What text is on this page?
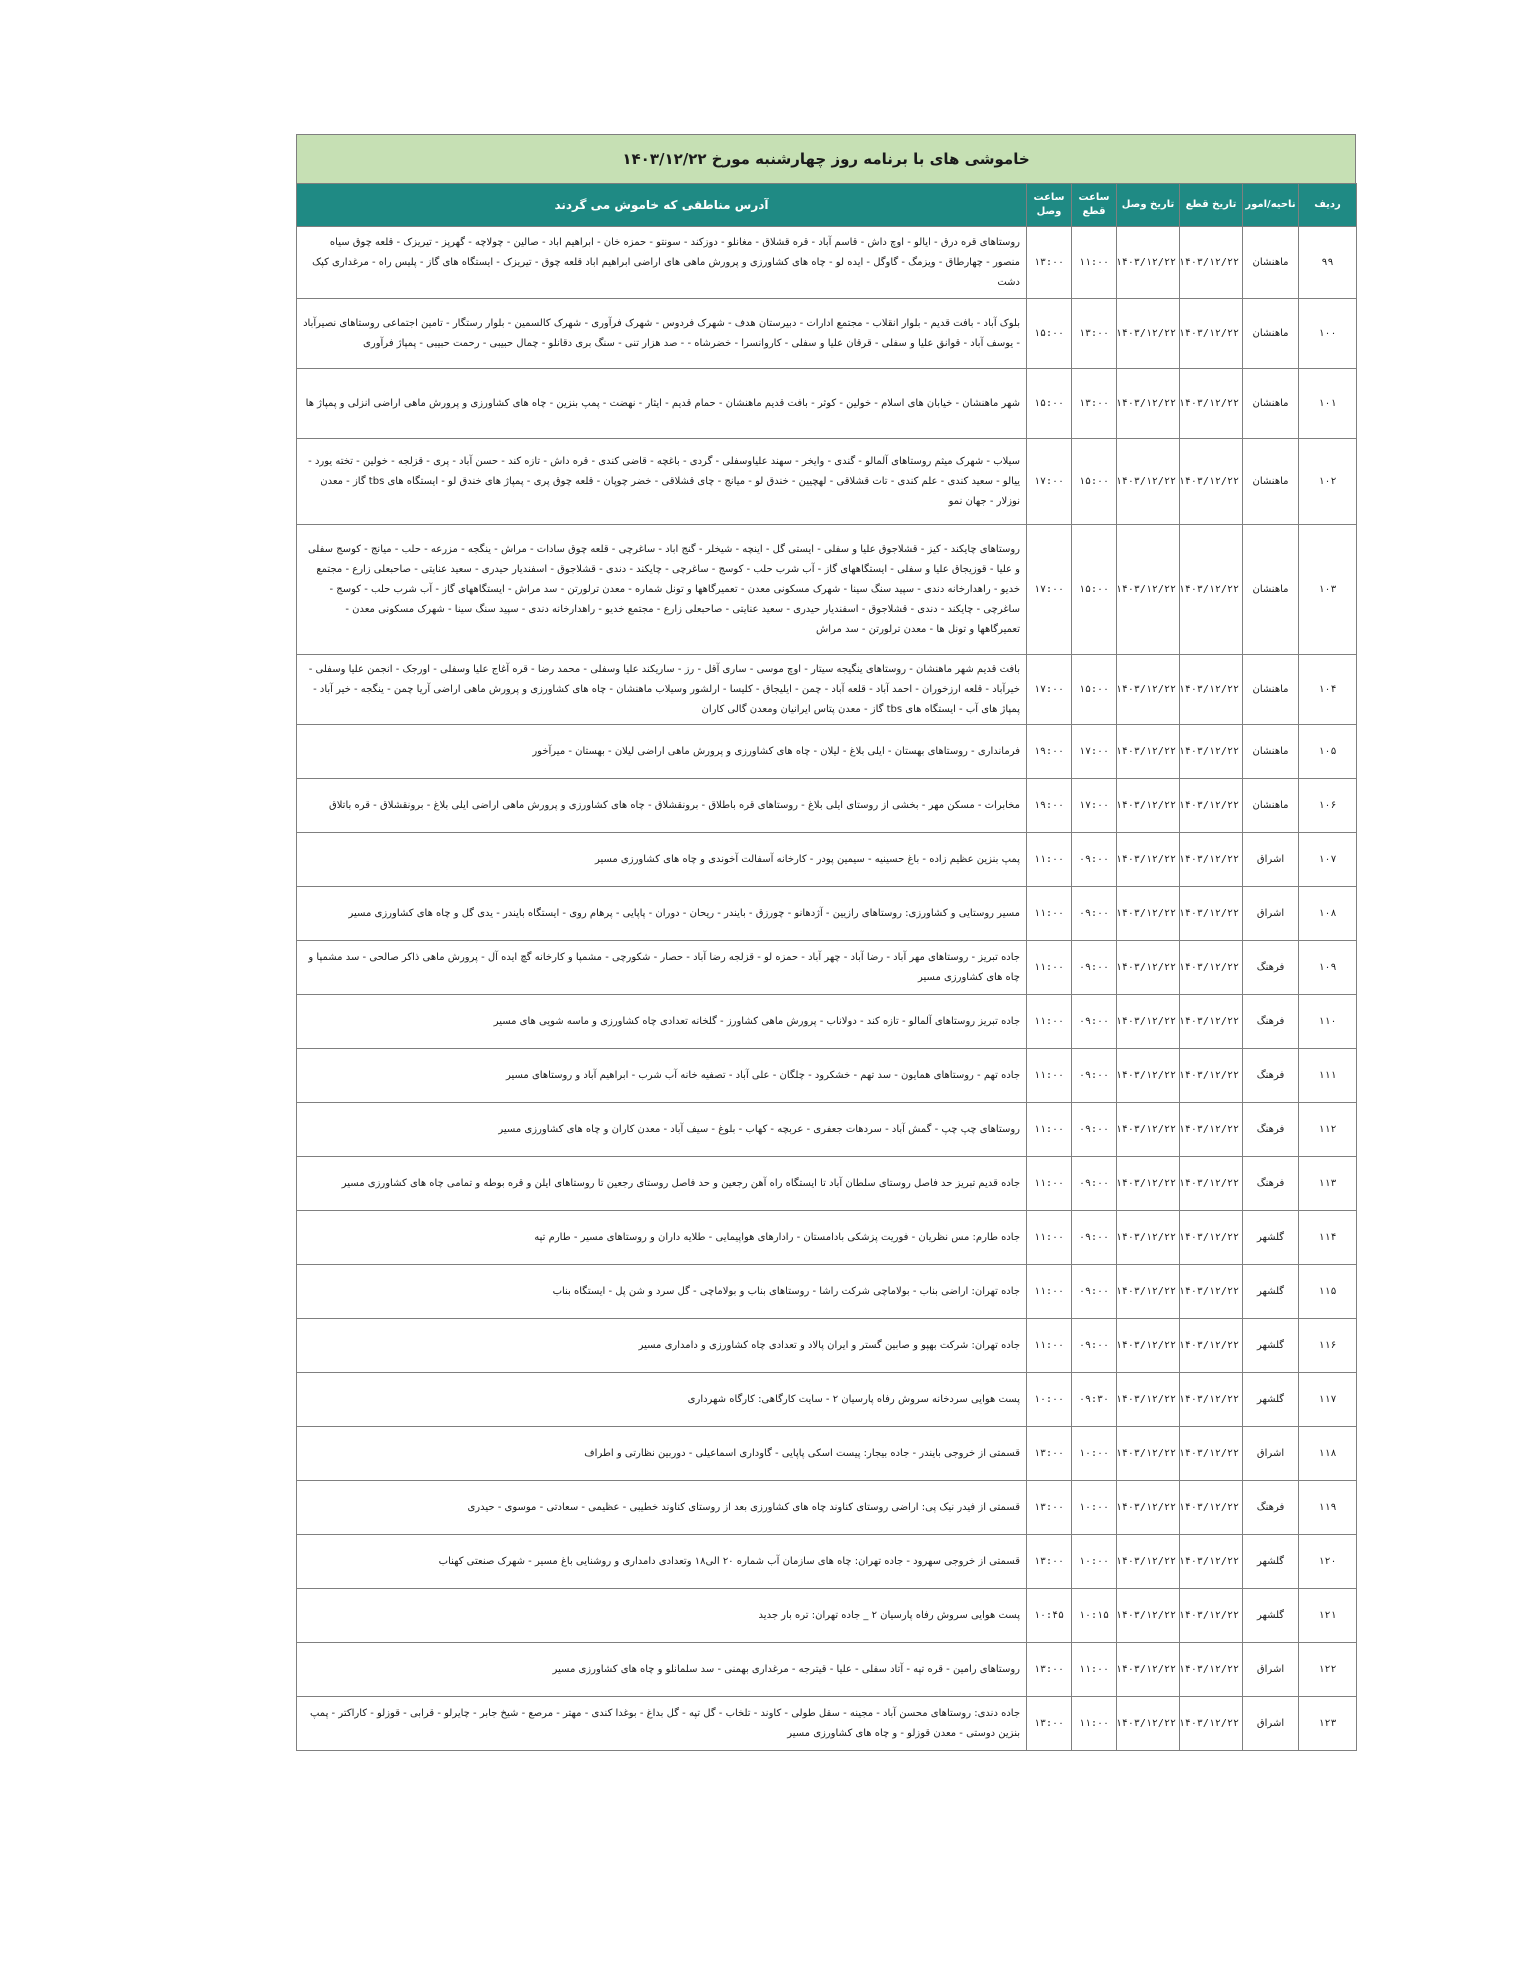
خاموشی های با برنامه روز چهارشنبه مورخ ۱۴۰۳/۱۲/۲۲
ردیف	ناحیه/امور	تاریخ قطع	تاریخ وصل	ساعت قطع	ساعت وصل	آدرس مناطقی که خاموش می گردند
۹۹	ماهنشان	۱۴۰۳/۱۲/۲۲	۱۴۰۳/۱۲/۲۲	۱۱:۰۰	۱۳:۰۰	روستاهای قره درق - ایالو - اوچ داش - قاسم آباد - قره قشلاق - مغانلو - دوزکند - سونتو - حمزه خان - ابراهیم اباد - صالین - چولاچه - گهرپز - تیریزک - قلعه چوق سیاه منصور - چهارطاق - ویزمگ - گاوگل - ایده لو - چاه های کشاورزی و پرورش ماهی های اراضی ابراهیم اباد قلعه چوق - تیریزک - ایستگاه های گاز - پلیس راه - مرغداری کپک دشت
۱۰۰	ماهنشان	۱۴۰۳/۱۲/۲۲	۱۴۰۳/۱۲/۲۲	۱۳:۰۰	۱۵:۰۰	بلوک آباد - بافت قدیم - بلوار انقلاب - مجتمع ادارات - دبیرستان هدف - شهرک فردوس - شهرک فرآوری - شهرک کالسمین - بلوار رستگار - تامین اجتماعی روستاهای نصیرآباد - یوسف آباد - قوانق علیا و سفلی - قرقان علیا و سفلی - کاروانسرا - خضرشاه - - صد هزار تنی - سنگ بری دقانلو - چمال حبیبی - رحمت حبیبی - پمپاژ فرآوری
۱۰۱	ماهنشان	۱۴۰۳/۱۲/۲۲	۱۴۰۳/۱۲/۲۲	۱۳:۰۰	۱۵:۰۰	شهر ماهنشان - خیابان های اسلام - خولین - کوثر - بافت قدیم ماهنشان - حمام قدیم - ایثار - نهضت - پمپ بنزین - چاه های کشاورزی و پرورش ماهی اراضی انزلی و پمپاژ ها
۱۰۲	ماهنشان	۱۴۰۳/۱۲/۲۲	۱۴۰۳/۱۲/۲۲	۱۵:۰۰	۱۷:۰۰	سیلاب - شهرک میثم روستاهای آلمالو - گندی - وایخر - سهند علیاوسفلی - گردی - باغچه - قاضی کندی - قره داش - تازه کند - حسن آباد - پری - قزلجه - خولین - تخته یورد - ییالو - سعید کندی - علم کندی - تات قشلاقی - لهچیین - خندق لو - میانج - چای قشلاقی - خضر چوپان - قلعه چوق پری - پمپاژ های خندق لو - ایستگاه های tbs گاز - معدن نوزلار - جهان نمو
۱۰۳	ماهنشان	۱۴۰۳/۱۲/۲۲	۱۴۰۳/۱۲/۲۲	۱۵:۰۰	۱۷:۰۰	روستاهای چایکند - کیز - قشلاجوق علیا و سفلی - ایستی گل - اینچه - شیخلر - گنج اباد - ساغرچی - قلعه چوق سادات - مراش - ینگجه - مزرعه - حلب - میانج - کوسج سفلی و علیا - قوزیجاق علیا و سفلی - ایستگاههای گاز - آب شرب حلب - کوسج - ساغرچی - چایکند - دندی - قشلاجوق - اسفندیار حیدری - سعید عنایتی - صاحبعلی زارع - مجتمع خدیو - راهدارخانه دندی - سپید سنگ سینا - شهرک مسکونی معدن - تعمیرگاهها و تونل شماره - معدن ترلورتن - سد مراش - ایستگاههای گاز - آب شرب حلب - کوسج - ساغرچی - چایکند - دندی - قشلاجوق - اسفندیار حیدری - سعید عنایتی - صاحبعلی زارع - مجتمع خدیو - راهدارخانه دندی - سپید سنگ سینا - شهرک مسکونی معدن - تعمیرگاهها و تونل ها - معدن ترلورتن - سد مراش
۱۰۴	ماهنشان	۱۴۰۳/۱۲/۲۲	۱۴۰۳/۱۲/۲۲	۱۵:۰۰	۱۷:۰۰	بافت قدیم شهر ماهنشان - روستاهای ینگیجه سیتار - اوچ موسی - ساری آقل - رز - ساریکند علیا وسفلی - محمد رضا - قره آغاج علیا وسفلی - اورجک - انجمن علیا وسفلی - خیرآباد - قلعه ارزخوران - احمد آباد - قلعه آباد - چمن - ایلیجاق - کلیسا - ارلشور وسیلاب ماهنشان - چاه های کشاورزی و پرورش ماهی اراضی آریا چمن - ینگجه - خیر آباد - پمپاژ های آب - ایستگاه های tbs گاز - معدن پتاس ایرانیان ومعدن گالی کاران
۱۰۵	ماهنشان	۱۴۰۳/۱۲/۲۲	۱۴۰۳/۱۲/۲۲	۱۷:۰۰	۱۹:۰۰	فرمانداری - روستاهای بهستان - ایلی بلاغ - لیلان - چاه های کشاورزی و پرورش ماهی اراضی لیلان - بهستان - میرآخور
۱۰۶	ماهنشان	۱۴۰۳/۱۲/۲۲	۱۴۰۳/۱۲/۲۲	۱۷:۰۰	۱۹:۰۰	مخابرات - مسکن مهر - بخشی از روستای ایلی بلاغ - روستاهای قره باطلاق - برونقشلاق - چاه های کشاورزی و پرورش ماهی اراضی ایلی بلاغ - برونقشلاق - قره باتلاق
۱۰۷	اشراق	۱۴۰۳/۱۲/۲۲	۱۴۰۳/۱۲/۲۲	۰۹:۰۰	۱۱:۰۰	پمپ بنزین عظیم زاده - باغ حسینیه - سیمین پودر - کارخانه آسفالت آخوندی و چاه های کشاورزی مسیر
۱۰۸	اشراق	۱۴۰۳/۱۲/۲۲	۱۴۰۳/۱۲/۲۲	۰۹:۰۰	۱۱:۰۰	مسیر روستایی و کشاورزی: روستاهای رازیین - آژدهانو - چورزق - بایندر - ریحان - دوران - پاپایی - پرهام روی - ایستگاه بایندر - یدی گل و چاه های کشاورزی مسیر
۱۰۹	فرهنگ	۱۴۰۳/۱۲/۲۲	۱۴۰۳/۱۲/۲۲	۰۹:۰۰	۱۱:۰۰	جاده تبریز - روستاهای مهر آباد - رضا آباد - چهر آباد - حمزه لو - قزلجه رضا آباد - حصار - شکورچی - مشمپا و کارخانه گچ ایده آل - پرورش ماهی ذاکر صالحی - سد مشمپا و چاه های کشاورزی مسیر
۱۱۰	فرهنگ	۱۴۰۳/۱۲/۲۲	۱۴۰۳/۱۲/۲۲	۰۹:۰۰	۱۱:۰۰	جاده تبریز روستاهای آلمالو - تازه کند - دولاناب - پرورش ماهی کشاورز - گلخانه تعدادی چاه کشاورزی و ماسه شویی های مسیر
۱۱۱	فرهنگ	۱۴۰۳/۱۲/۲۲	۱۴۰۳/۱۲/۲۲	۰۹:۰۰	۱۱:۰۰	جاده تهم - روستاهای همایون - سد تهم - خشکرود - چلگان - علی آباد - تصفیه خانه آب شرب - ابراهیم آباد و روستاهای مسیر
۱۱۲	فرهنگ	۱۴۰۳/۱۲/۲۲	۱۴۰۳/۱۲/۲۲	۰۹:۰۰	۱۱:۰۰	روستاهای چپ چپ - گمش آباد - سردهات جعفری - عربچه - کهاب - بلوغ - سیف آباد - معدن کاران و چاه های کشاورزی مسیر
۱۱۳	فرهنگ	۱۴۰۳/۱۲/۲۲	۱۴۰۳/۱۲/۲۲	۰۹:۰۰	۱۱:۰۰	جاده قدیم تبریز حد فاصل روستای سلطان آباد تا ایستگاه راه آهن رجعین و حد فاصل روستای رجعین تا روستاهای ایلن و قره بوطه و تمامی چاه های کشاورزی مسیر
۱۱۴	گلشهر	۱۴۰۳/۱۲/۲۲	۱۴۰۳/۱۲/۲۲	۰۹:۰۰	۱۱:۰۰	جاده طارم: مس نظریان - فوریت پزشکی بادامستان - رادارهای هواپیمایی - طلایه داران و روستاهای مسیر - طارم تپه
۱۱۵	گلشهر	۱۴۰۳/۱۲/۲۲	۱۴۰۳/۱۲/۲۲	۰۹:۰۰	۱۱:۰۰	جاده تهران: اراضی بناب - بولاماچی شرکت راشا - روستاهای بناب و بولاماچی - گل سرد و شن پل - ایستگاه بناب
۱۱۶	گلشهر	۱۴۰۳/۱۲/۲۲	۱۴۰۳/۱۲/۲۲	۰۹:۰۰	۱۱:۰۰	جاده تهران: شرکت بهپو و صابین گستر و ایران پالاد و تعدادی چاه کشاورزی و دامداری مسیر
۱۱۷	گلشهر	۱۴۰۳/۱۲/۲۲	۱۴۰۳/۱۲/۲۲	۰۹:۳۰	۱۰:۰۰	پست هوایی سردخانه سروش رفاه پارسیان ۲ - سایت کارگاهی: کارگاه شهرداری
۱۱۸	اشراق	۱۴۰۳/۱۲/۲۲	۱۴۰۳/۱۲/۲۲	۱۰:۰۰	۱۳:۰۰	قسمتی از خروجی بایندر - جاده بیجار: پیست اسکی پاپایی - گاوداری اسماعیلی - دوربین نظارتی و اطراف
۱۱۹	فرهنگ	۱۴۰۳/۱۲/۲۲	۱۴۰۳/۱۲/۲۲	۱۰:۰۰	۱۳:۰۰	قسمتی از فیدر نیک پی: اراضی روستای کناوند چاه های کشاورزی بعد از روستای کناوند خطیبی - عظیمی - سعادتی - موسوی - حیدری
۱۲۰	گلشهر	۱۴۰۳/۱۲/۲۲	۱۴۰۳/۱۲/۲۲	۱۰:۰۰	۱۳:۰۰	قسمتی از خروجی سهرود - جاده تهران: چاه های سازمان آب شماره ۲۰ الی۱۸ وتعدادی دامداری و روشنایی باغ مسیر - شهرک صنعتی کهناب
۱۲۱	گلشهر	۱۴۰۳/۱۲/۲۲	۱۴۰۳/۱۲/۲۲	۱۰:۱۵	۱۰:۴۵	پست هوایی سروش رفاه پارسیان ۲ _ جاده تهران: تره بار جدید
۱۲۲	اشراق	۱۴۰۳/۱۲/۲۲	۱۴۰۳/۱۲/۲۲	۱۱:۰۰	۱۳:۰۰	روستاهای رامین - قره تپه - آتاد سفلی - علیا - قیترجه - مرغداری بهمنی - سد سلمانلو و چاه های کشاورزی مسیر
۱۲۳	اشراق	۱۴۰۳/۱۲/۲۲	۱۴۰۳/۱۲/۲۲	۱۱:۰۰	۱۳:۰۰	جاده دندی: روستاهای محسن آباد - مجینه - سقل طولی - کاوند - تلخاب - گل تپه - گل بداغ - بوغدا کندی - مهتر - مرصع - شیخ جابر - چایرلو - قرابی - قوزلو - کاراکتر - پمپ بنزین دوستی - معدن قوزلو - و چاه های کشاورزی مسیر
